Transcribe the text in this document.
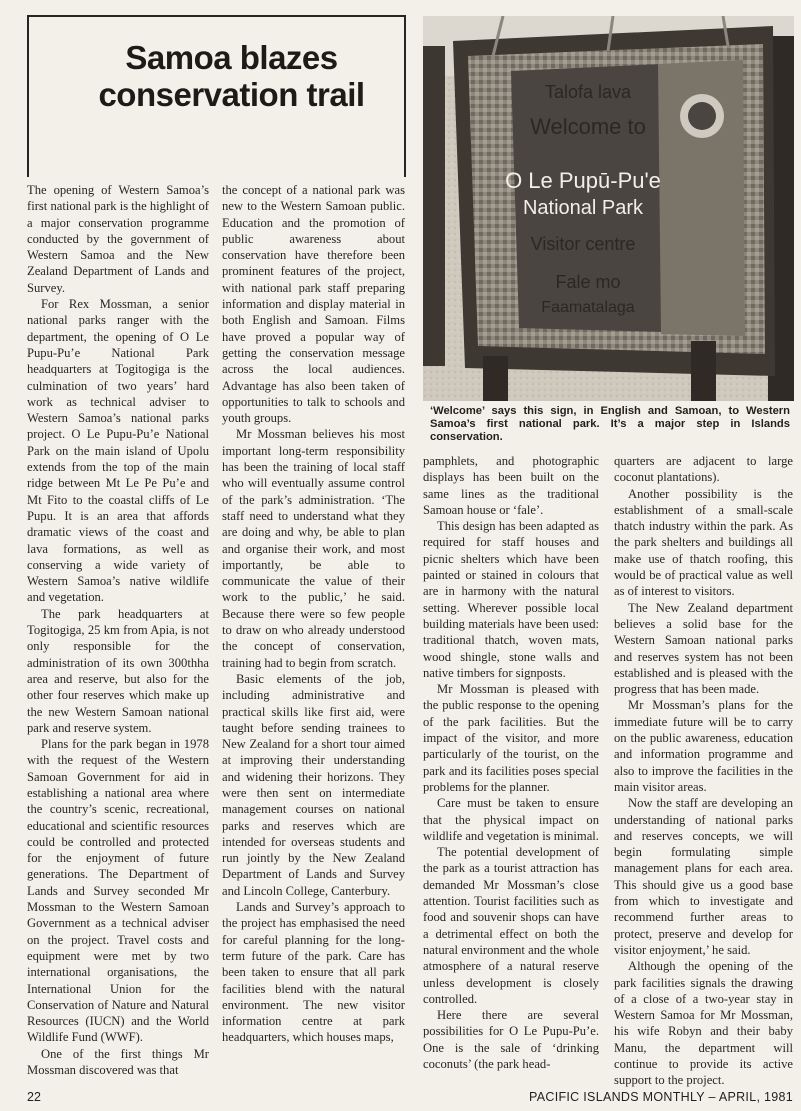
Samoa blazes conservation trail	Talofa lava
Welcome to
O Le Pupū-Pu'e
National Park
Visitor centre
Fale mo
Faamatalaga
‘Welcome’ says this sign, in English and Samoan, to Western Samoa’s first national park. It’s a major step in Islands conservation.

The opening of Western Samoa’s first national park is the highlight of a major conservation programme conducted by the government of Western Samoa and the New Zealand Department of Lands and Survey.

For Rex Mossman, a senior national parks ranger with the department, the opening of O Le Pupu-Pu’e National Park headquarters at Togitogiga is the culmination of two years’ hard work as technical adviser to Western Samoa’s national parks project. O Le Pupu-Pu’e National Park on the main island of Upolu extends from the top of the main ridge between Mt Le Pe Pu’e and Mt Fito to the coastal cliffs of Le Pupu. It is an area that affords dramatic views of the coast and lava formations, as well as conserving a wide variety of Western Samoa’s native wildlife and vegetation.

The park headquarters at Togitogiga, 25 km from Apia, is not only responsible for the administration of its own 300thha area and reserve, but also for the other four reserves which make up the new Western Samoan national park and reserve system.

Plans for the park began in 1978 with the request of the Western Samoan Government for aid in establishing a national area where the country’s scenic, recreational, educational and scientific resources could be controlled and protected for the enjoyment of future generations. The Department of Lands and Survey seconded Mr Mossman to the Western Samoan Government as a technical adviser on the project. Travel costs and equipment were met by two international organisations, the International Union for the Conservation of Nature and Natural Resources (IUCN) and the World Wildlife Fund (WWF).

One of the first things Mr Mossman discovered was that

the concept of a national park was new to the Western Samoan public. Education and the promotion of public awareness about conservation have therefore been prominent features of the project, with national park staff preparing information and display material in both English and Samoan. Films have proved a popular way of getting the conservation message across the local audiences. Advantage has also been taken of opportunities to talk to schools and youth groups.

Mr Mossman believes his most important long-term responsibility has been the training of local staff who will eventually assume control of the park’s administration. ‘The staff need to understand what they are doing and why, be able to plan and organise their work, and most importantly, be able to communicate the value of their work to the public,’ he said. Because there were so few people to draw on who already understood the concept of conservation, training had to begin from scratch.

Basic elements of the job, including administrative and practical skills like first aid, were taught before sending trainees to New Zealand for a short tour aimed at improving their understanding and widening their horizons. They were then sent on intermediate management courses on national parks and reserves which are intended for overseas students and run jointly by the New Zealand Department of Lands and Survey and Lincoln College, Canterbury.

Lands and Survey’s approach to the project has emphasised the need for careful planning for the long-term future of the park. Care has been taken to ensure that all park facilities blend with the natural environment. The new visitor information centre at park headquarters, which houses maps,

pamphlets, and photographic displays has been built on the same lines as the traditional Samoan house or ‘fale’.

This design has been adapted as required for staff houses and picnic shelters which have been painted or stained in colours that are in harmony with the natural setting. Wherever possible local building materials have been used: traditional thatch, woven mats, wood shingle, stone walls and native timbers for signposts.

Mr Mossman is pleased with the public response to the opening of the park facilities. But the impact of the visitor, and more particularly of the tourist, on the park and its facilities poses special problems for the planner.

Care must be taken to ensure that the physical impact on wildlife and vegetation is minimal.

The potential development of the park as a tourist attraction has demanded Mr Mossman’s close attention. Tourist facilities such as food and souvenir shops can have a detrimental effect on both the natural environment and the whole atmosphere of a natural reserve unless development is closely controlled.

Here there are several possibilities for O Le Pupu-Pu’e. One is the sale of ‘drinking coconuts’ (the park head-

quarters are adjacent to large coconut plantations).

Another possibility is the establishment of a small-scale thatch industry within the park. As the park shelters and buildings all make use of thatch roofing, this would be of practical value as well as of interest to visitors.

The New Zealand department believes a solid base for the Western Samoan national parks and reserves system has not been established and is pleased with the progress that has been made.

Mr Mossman’s plans for the immediate future will be to carry on the public awareness, education and information programme and also to improve the facilities in the main visitor areas.

Now the staff are developing an understanding of national parks and reserves concepts, we will begin formulating simple management plans for each area. This should give us a good base from which to investigate and recommend further areas to protect, preserve and develop for visitor enjoyment,’ he said.

Although the opening of the park facilities signals the drawing of a close of a two-year stay in Western Samoa for Mr Mossman, his wife Robyn and their baby Manu, the department will continue to provide its active support to the project.

22	PACIFIC ISLANDS MONTHLY – APRIL, 1981
